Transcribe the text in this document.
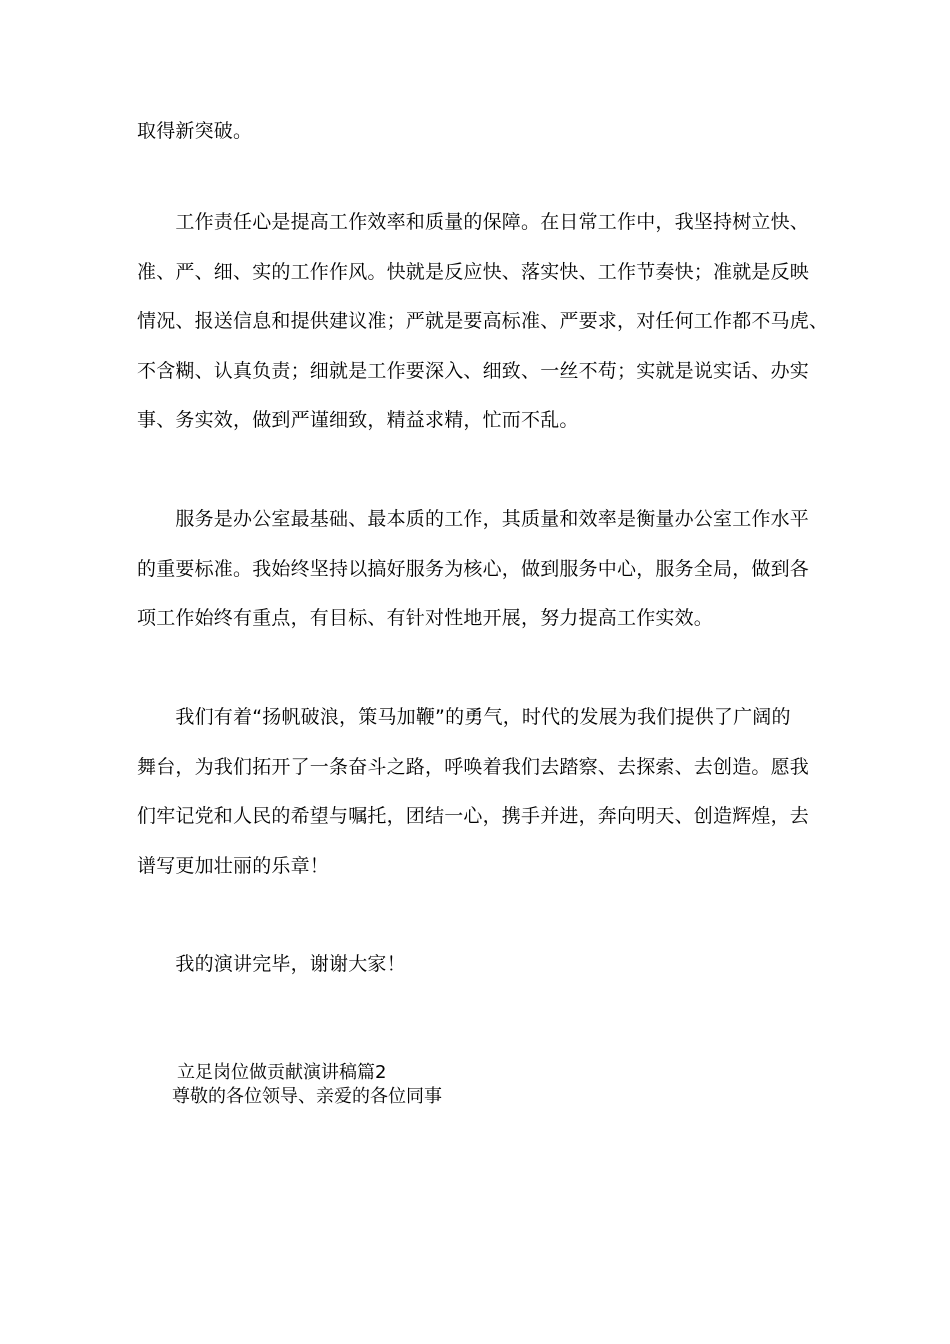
取得新突破。

　　工作责任心是提高工作效率和质量的保障。在日常工作中，我坚持树立快、
准、严、细、实的工作作风。快就是反应快、落实快、工作节奏快；准就是反映
情况、报送信息和提供建议准；严就是要高标准、严要求，对任何工作都不马虎、
不含糊、认真负责；细就是工作要深入、细致、一丝不苟；实就是说实话、办实
事、务实效，做到严谨细致，精益求精，忙而不乱。

　　服务是办公室最基础、最本质的工作，其质量和效率是衡量办公室工作水平
的重要标准。我始终坚持以搞好服务为核心，做到服务中心，服务全局，做到各
项工作始终有重点，有目标、有针对性地开展，努力提高工作实效。

　　我们有着“扬帆破浪，策马加鞭”的勇气，时代的发展为我们提供了广阔的
舞台，为我们拓开了一条奋斗之路，呼唤着我们去踏察、去探索、去创造。愿我
们牢记党和人民的希望与嘱托，团结一心，携手并进，奔向明天、创造辉煌，去
谱写更加壮丽的乐章！

　　我的演讲完毕，谢谢大家！

立足岗位做贡献演讲稿篇2

尊敬的各位领导、亲爱的各位同事
